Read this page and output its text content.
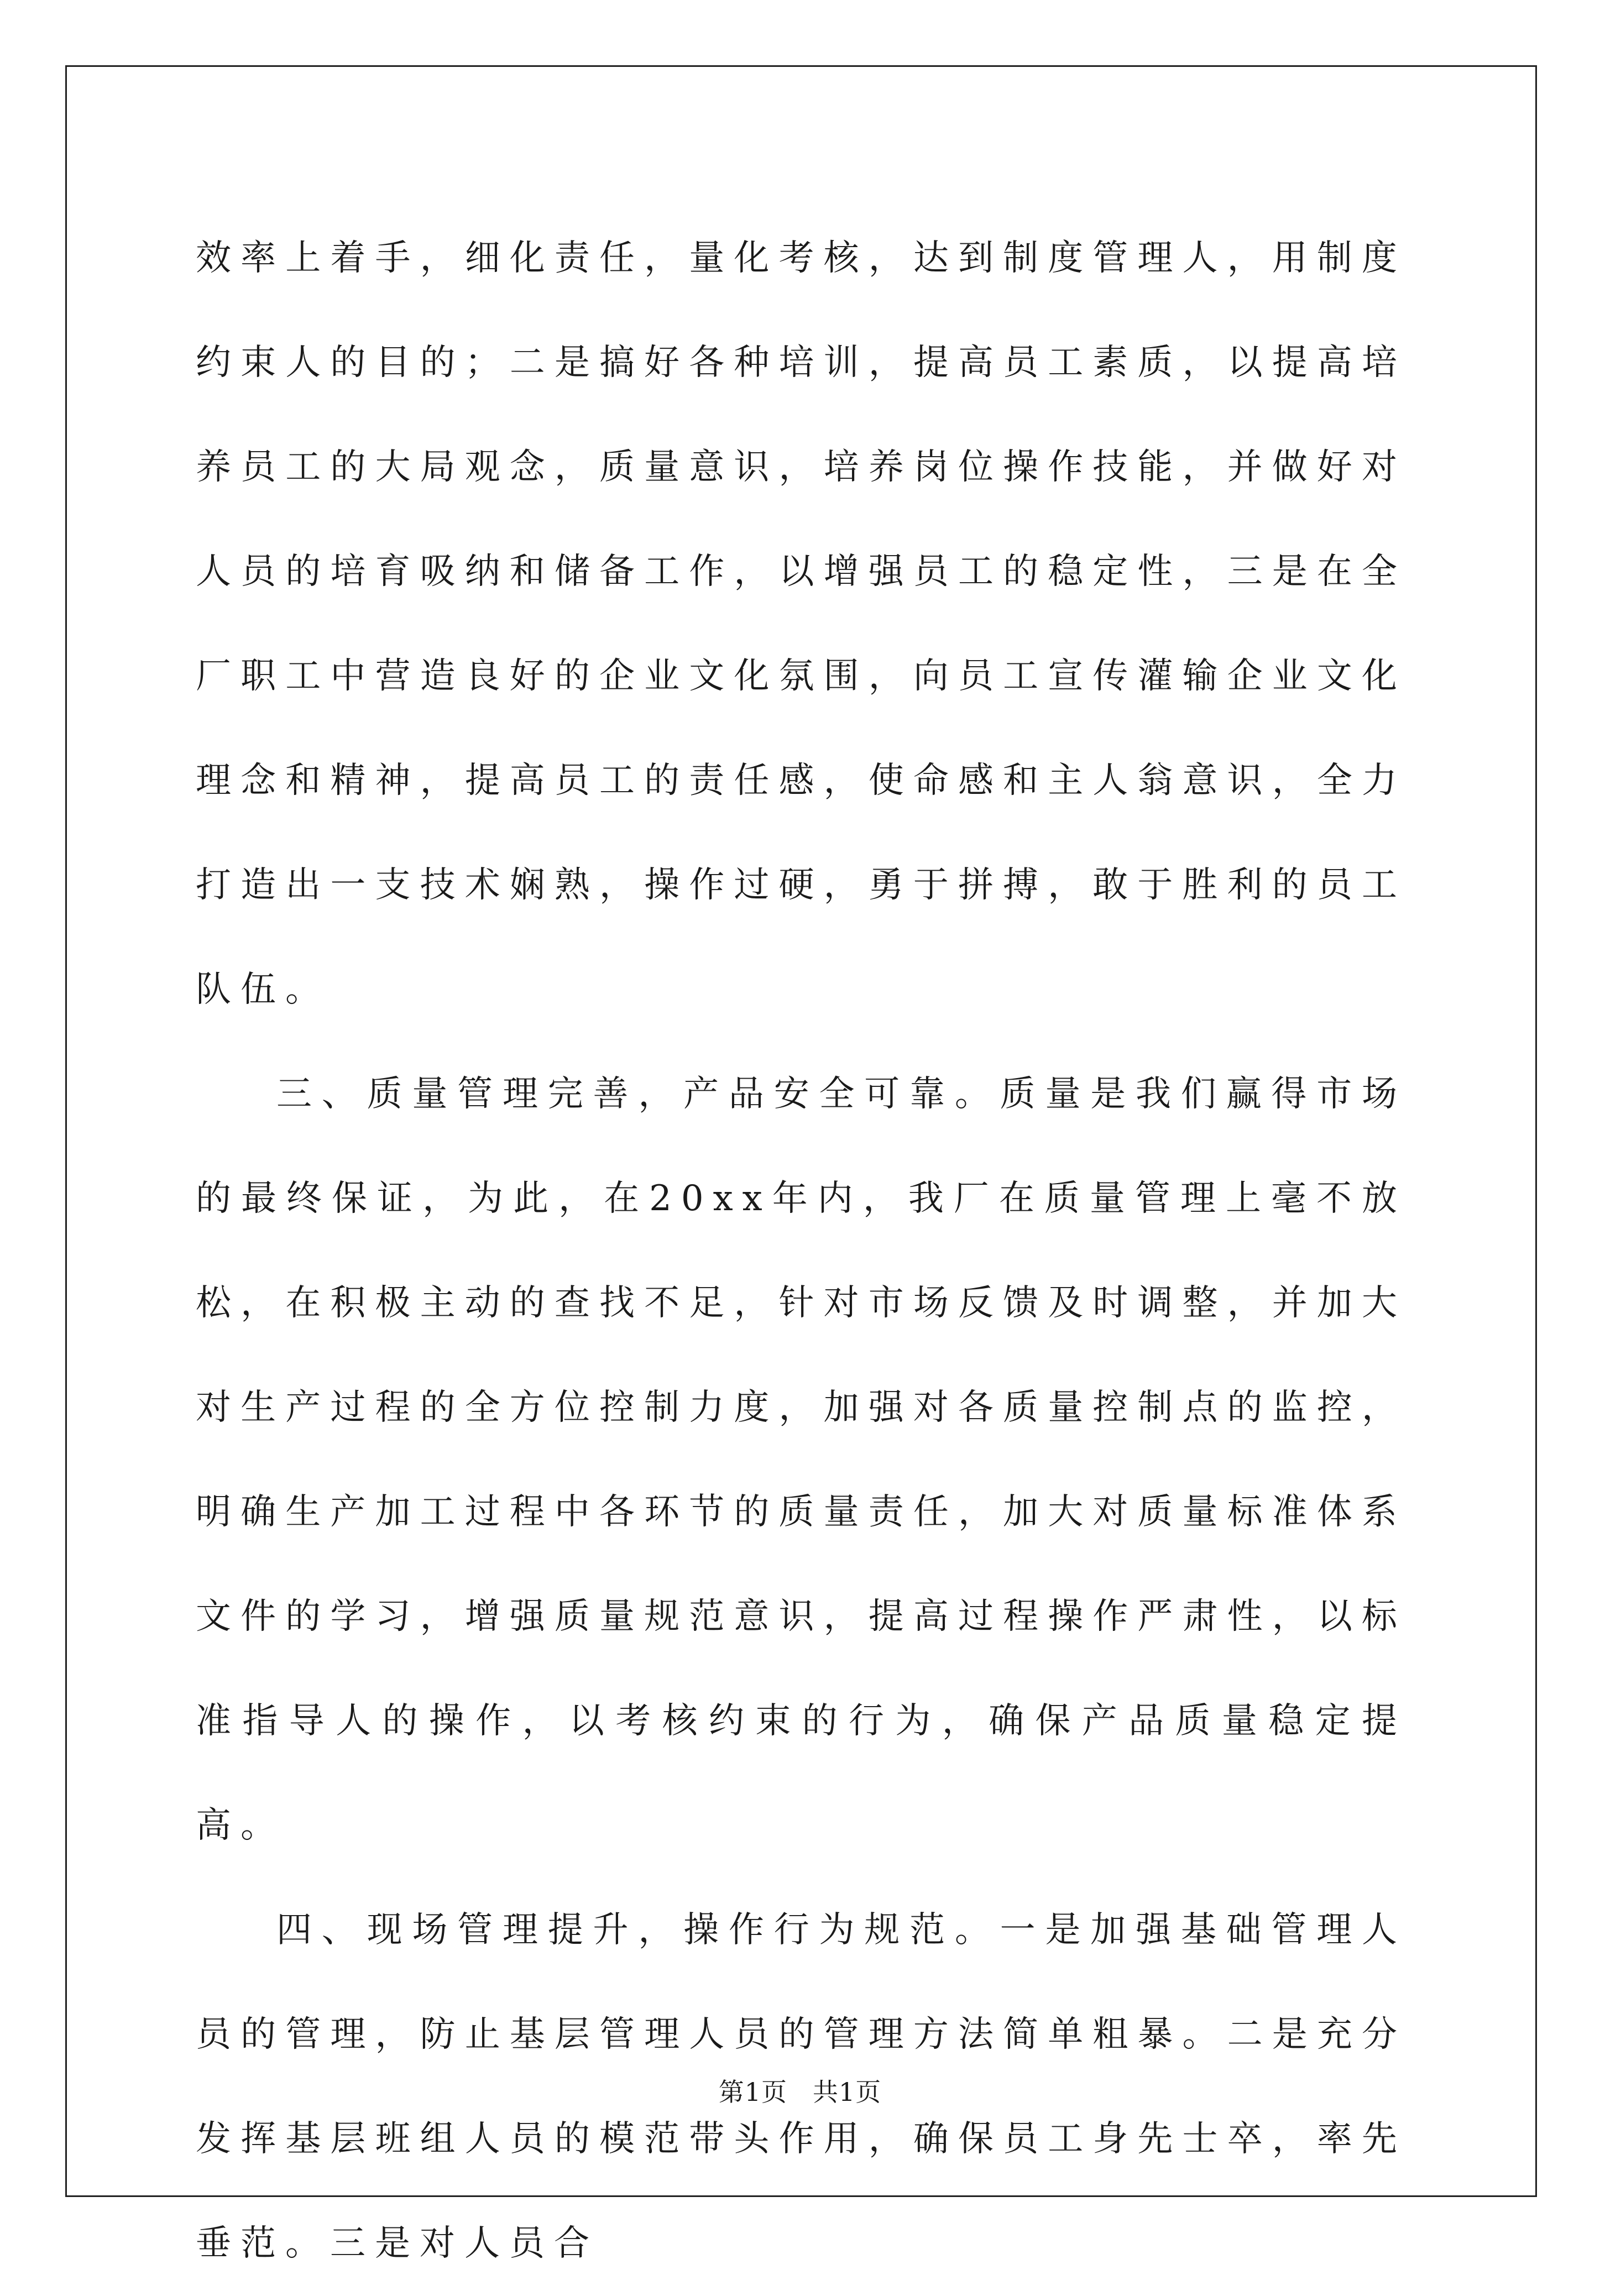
效率上着手，细化责任，量化考核，达到制度管理人，用制度约束人的目的；二是搞好各种培训，提高员工素质，以提高培养员工的大局观念，质量意识，培养岗位操作技能，并做好对人员的培育吸纳和储备工作，以增强员工的稳定性，三是在全厂职工中营造良好的企业文化氛围，向员工宣传灌输企业文化理念和精神，提高员工的责任感，使命感和主人翁意识，全力打造出一支技术娴熟，操作过硬，勇于拼搏，敢于胜利的员工队伍。

三、质量管理完善，产品安全可靠。质量是我们赢得市场的最终保证，为此，在20xx年内，我厂在质量管理上毫不放松，在积极主动的查找不足，针对市场反馈及时调整，并加大对生产过程的全方位控制力度，加强对各质量控制点的监控，明确生产加工过程中各环节的质量责任，加大对质量标准体系文件的学习，增强质量规范意识，提高过程操作严肃性，以标准指导人的操作，以考核约束的行为，确保产品质量稳定提高。

四、现场管理提升，操作行为规范。一是加强基础管理人员的管理，防止基层管理人员的管理方法简单粗暴。二是充分发挥基层班组人员的模范带头作用，确保员工身先士卒，率先垂范。三是对人员合

第1页 共1页
